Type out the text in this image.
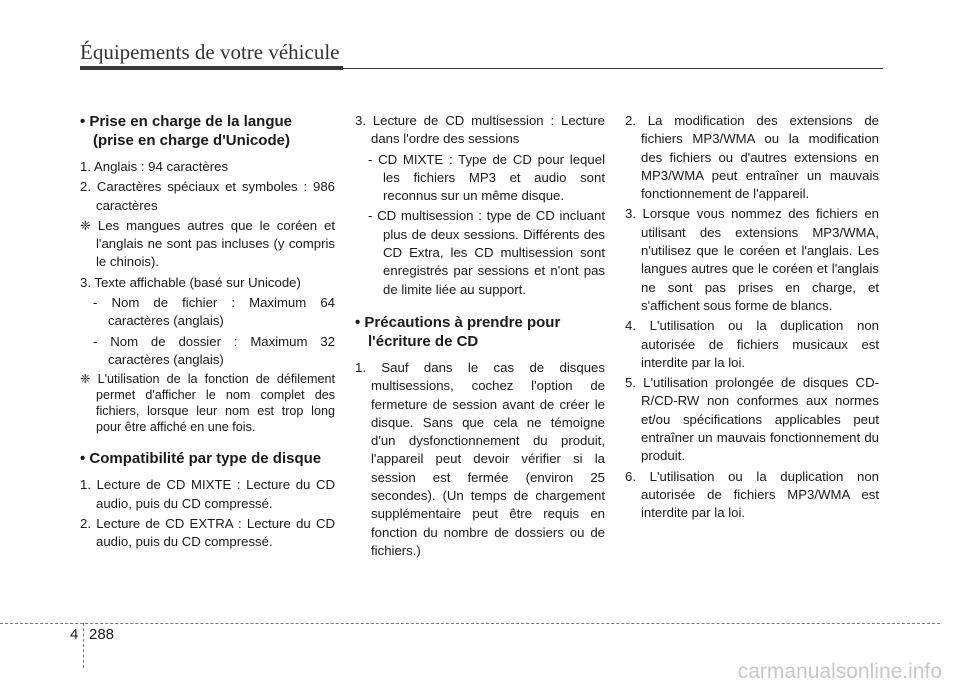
Équipements de votre véhicule

• Prise en charge de la langue (prise en charge d'Unicode)

1. Anglais : 94 caractères

2. Caractères spéciaux et symboles : 986 caractères

❈ Les mangues autres que le coréen et l'anglais ne sont pas incluses (y compris le chinois).

3. Texte affichable (basé sur Unicode)

- Nom de fichier : Maximum 64 caractères (anglais)

- Nom de dossier : Maximum 32 caractères (anglais)

❈ L'utilisation de la fonction de défilement permet d'afficher le nom complet des fichiers, lorsque leur nom est trop long pour être affiché en une fois.

• Compatibilité par type de disque

1. Lecture de CD MIXTE : Lecture du CD audio, puis du CD compressé.

2. Lecture de CD EXTRA : Lecture du CD audio, puis du CD compressé.

3. Lecture de CD multisession : Lecture dans l'ordre des sessions

- CD MIXTE : Type de CD pour lequel les fichiers MP3 et audio sont reconnus sur un même disque.

- CD multisession : type de CD incluant plus de deux sessions. Différents des CD Extra, les CD multisession sont enregistrés par sessions et n'ont pas de limite liée au support.

• Précautions à prendre pour l'écriture de CD

1. Sauf dans le cas de disques multisessions, cochez l'option de fermeture de session avant de créer le disque. Sans que cela ne témoigne d'un dysfonctionnement du produit, l'appareil peut devoir vérifier si la session est fermée (environ 25 secondes). (Un temps de chargement supplémentaire peut être requis en fonction du nombre de dossiers ou de fichiers.)

2. La modification des extensions de fichiers MP3/WMA ou la modification des fichiers ou d'autres extensions en MP3/WMA peut entraîner un mauvais fonctionnement de l'appareil.

3. Lorsque vous nommez des fichiers en utilisant des extensions MP3/WMA, n'utilisez que le coréen et l'anglais. Les langues autres que le coréen et l'anglais ne sont pas prises en charge, et s'affichent sous forme de blancs.

4. L'utilisation ou la duplication non autorisée de fichiers musicaux est interdite par la loi.

5. L'utilisation prolongée de disques CD-R/CD-RW non conformes aux normes et/ou spécifications applicables peut entraîner un mauvais fonctionnement du produit.

6. L'utilisation ou la duplication non autorisée de fichiers MP3/WMA est interdite par la loi.

4 288
carmanualsonline.info
